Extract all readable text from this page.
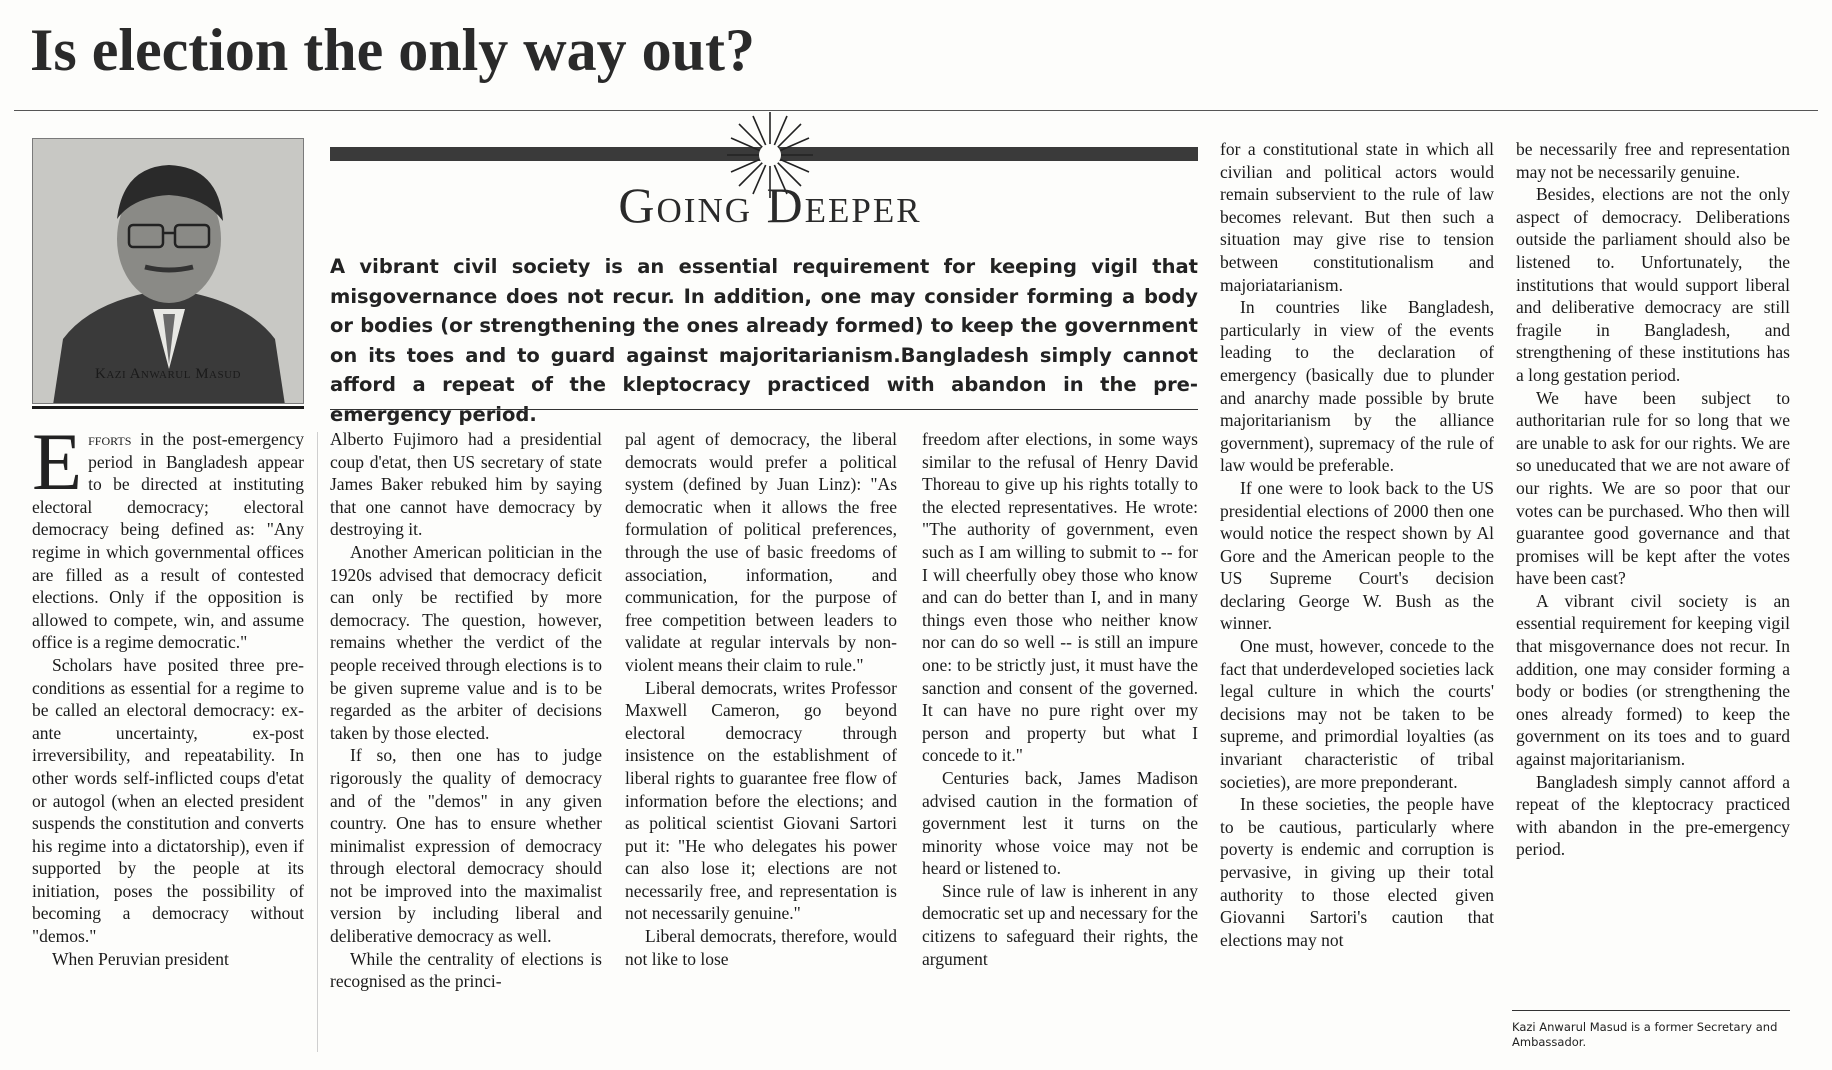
Is election the only way out?
Kazi Anwarul Masud
Going Deeper
A vibrant civil society is an essential requirement for keeping vigil that misgovernance does not recur. In addition, one may consider forming a body or bodies (or strengthening the ones already formed) to keep the government on its toes and to guard against majoritarianism.Bangladesh simply cannot afford a repeat of the kleptocracy practiced with abandon in the pre-emergency period.

Efforts in the post-emergency period in Bangladesh appear to be directed at instituting electoral democracy; electoral democracy being defined as: "Any regime in which governmental offices are filled as a result of contested elections. Only if the opposition is allowed to compete, win, and assume office is a regime democratic."

Scholars have posited three pre-conditions as essential for a regime to be called an electoral democracy: ex- ante uncertainty, ex-post irreversibility, and repeatability. In other words self-inflicted coups d'etat or autogol (when an elected president suspends the constitution and converts his regime into a dictatorship), even if supported by the people at its initiation, poses the possibility of becoming a democracy without "demos."

When Peruvian president

Alberto Fujimoro had a presidential coup d'etat, then US secretary of state James Baker rebuked him by saying that one cannot have democracy by destroying it.

Another American politician in the 1920s advised that democracy deficit can only be rectified by more democracy. The question, however, remains whether the verdict of the people received through elections is to be given supreme value and is to be regarded as the arbiter of decisions taken by those elected.

If so, then one has to judge rigorously the quality of democracy and of the "demos" in any given country. One has to ensure whether minimalist expression of democracy through electoral democracy should not be improved into the maximalist version by including liberal and deliberative democracy as well.

While the centrality of elections is recognised as the princi-

pal agent of democracy, the liberal democrats would prefer a political system (defined by Juan Linz): "As democratic when it allows the free formulation of political preferences, through the use of basic freedoms of association, information, and communication, for the purpose of free competition between leaders to validate at regular intervals by non-violent means their claim to rule."

Liberal democrats, writes Professor Maxwell Cameron, go beyond electoral democracy through insistence on the establishment of liberal rights to guarantee free flow of information before the elections; and as political scientist Giovani Sartori put it: "He who delegates his power can also lose it; elections are not necessarily free, and representation is not necessarily genuine."

Liberal democrats, therefore, would not like to lose

freedom after elections, in some ways similar to the refusal of Henry David Thoreau to give up his rights totally to the elected representatives. He wrote: "The authority of government, even such as I am willing to submit to -- for I will cheerfully obey those who know and can do better than I, and in many things even those who neither know nor can do so well -- is still an impure one: to be strictly just, it must have the sanction and consent of the governed. It can have no pure right over my person and property but what I concede to it."

Centuries back, James Madison advised caution in the formation of government lest it turns on the minority whose voice may not be heard or listened to.

Since rule of law is inherent in any democratic set up and necessary for the citizens to safeguard their rights, the argument

for a constitutional state in which all civilian and political actors would remain subservient to the rule of law becomes relevant. But then such a situation may give rise to tension between constitutionalism and majoriatarianism.

In countries like Bangladesh, particularly in view of the events leading to the declaration of emergency (basically due to plunder and anarchy made possible by brute majoritarianism by the alliance government), supremacy of the rule of law would be preferable.

If one were to look back to the US presidential elections of 2000 then one would notice the respect shown by Al Gore and the American people to the US Supreme Court's decision declaring George W. Bush as the winner.

One must, however, concede to the fact that underdeveloped societies lack legal culture in which the courts' decisions may not be taken to be supreme, and primordial loyalties (as invariant characteristic of tribal societies), are more preponderant.

In these societies, the people have to be cautious, particularly where poverty is endemic and corruption is pervasive, in giving up their total authority to those elected given Giovanni Sartori's caution that elections may not

be necessarily free and representation may not be necessarily genuine.

Besides, elections are not the only aspect of democracy. Deliberations outside the parliament should also be listened to. Unfortunately, the institutions that would support liberal and deliberative democracy are still fragile in Bangladesh, and strengthening of these institutions has a long gestation period.

We have been subject to authoritarian rule for so long that we are unable to ask for our rights. We are so uneducated that we are not aware of our rights. We are so poor that our votes can be purchased. Who then will guarantee good governance and that promises will be kept after the votes have been cast?

A vibrant civil society is an essential requirement for keeping vigil that misgovernance does not recur. In addition, one may consider forming a body or bodies (or strengthening the ones already formed) to keep the government on its toes and to guard against majoritarianism.

Bangladesh simply cannot afford a repeat of the kleptocracy practiced with abandon in the pre-emergency period.

Kazi Anwarul Masud is a former Secretary and Ambassador.
